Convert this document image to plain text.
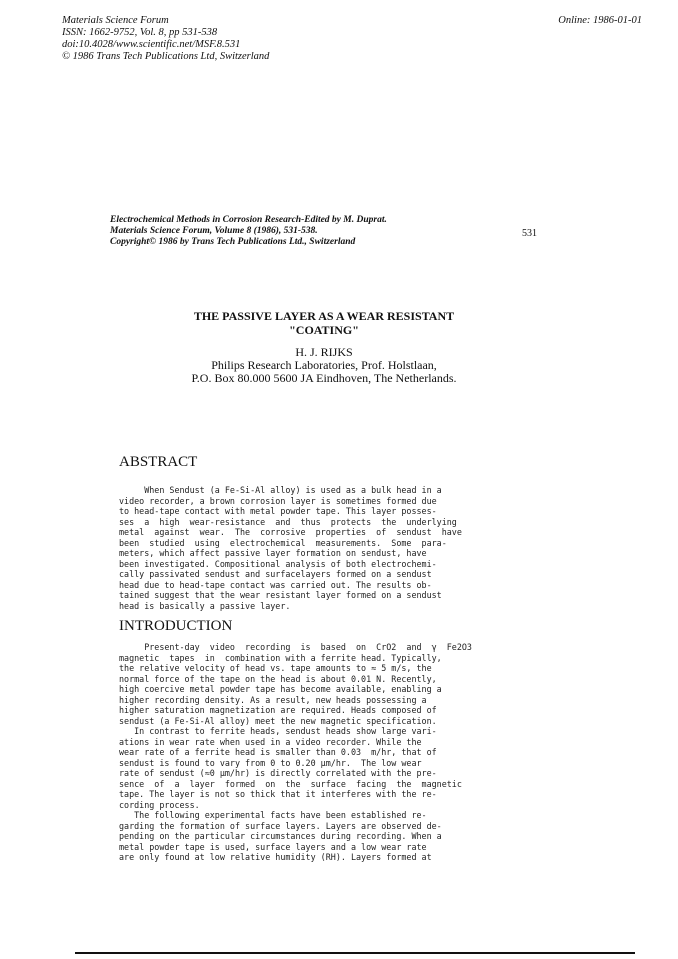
Materials Science Forum
ISSN: 1662-9752, Vol. 8, pp 531-538
doi:10.4028/www.scientific.net/MSF.8.531
© 1986 Trans Tech Publications Ltd, Switzerland
Online: 1986-01-01
Electrochemical Methods in Corrosion Research-Edited by M. Duprat.
Materials Science Forum, Volume 8 (1986), 531-538.
Copyright© 1986 by Trans Tech Publications Ltd., Switzerland
531
THE PASSIVE LAYER AS A WEAR RESISTANT
"COATING"
H. J. RIJKS
Philips Research Laboratories, Prof. Holstlaan,
P.O. Box 80.000 5600 JA Eindhoven, The Netherlands.
ABSTRACT
When Sendust (a Fe-Si-Al alloy) is used as a bulk head in a
video recorder, a brown corrosion layer is sometimes formed due
to head-tape contact with metal powder tape. This layer posses-
ses  a  high  wear-resistance  and  thus  protects  the  underlying
metal  against  wear.  The  corrosive  properties  of  sendust  have
been  studied  using  electrochemical  measurements.  Some  para-
meters, which affect passive layer formation on sendust, have
been investigated. Compositional analysis of both electrochemi-
cally passivated sendust and surfacelayers formed on a sendust
head due to head-tape contact was carried out. The results ob-
tained suggest that the wear resistant layer formed on a sendust
head is basically a passive layer.
INTRODUCTION
Present-day  video  recording  is  based  on  CrO2  and  γ  Fe2O3
magnetic  tapes  in  combination with a ferrite head. Typically,
the relative velocity of head vs. tape amounts to ≈ 5 m/s, the
normal force of the tape on the head is about 0.01 N. Recently,
high coercive metal powder tape has become available, enabling a
higher recording density. As a result, new heads possessing a
higher saturation magnetization are required. Heads composed of
sendust (a Fe-Si-Al alloy) meet the new magnetic specification.
In contrast to ferrite heads, sendust heads show large vari-
ations in wear rate when used in a video recorder. While the
wear rate of a ferrite head is smaller than 0.03  m/hr, that of
sendust is found to vary from 0 to 0.20 μm/hr.  The low wear
rate of sendust (≈0 μm/hr) is directly correlated with the pre-
sence  of  a  layer  formed  on  the  surface  facing  the  magnetic
tape. The layer is not so thick that it interferes with the re-
cording process.
The following experimental facts have been established re-
garding the formation of surface layers. Layers are observed de-
pending on the particular circumstances during recording. When a
metal powder tape is used, surface layers and a low wear rate
are only found at low relative humidity (RH). Layers formed at
